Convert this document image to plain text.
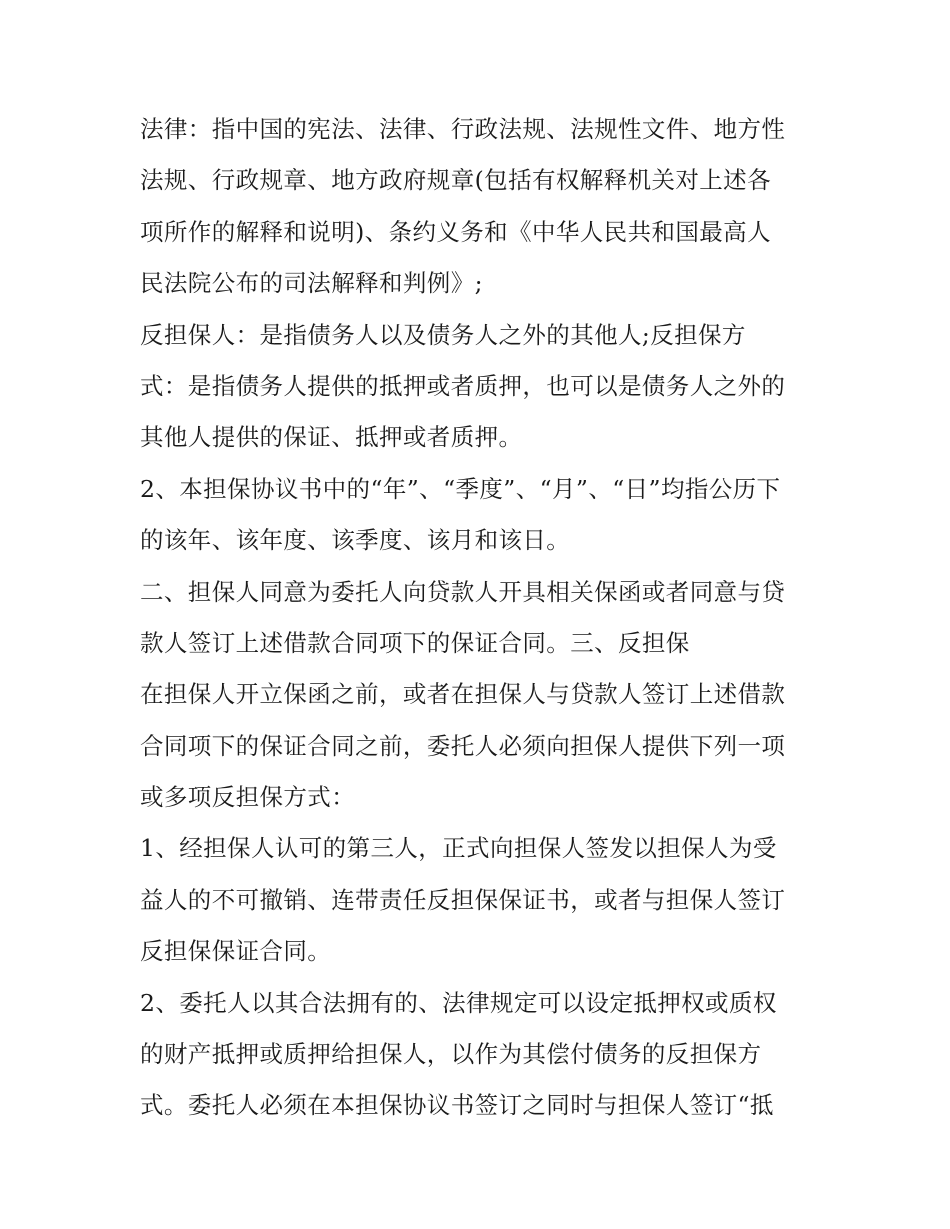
法律：指中国的宪法、法律、行政法规、法规性文件、地方性
法规、行政规章、地方政府规章(包括有权解释机关对上述各
项所作的解释和说明)、条约义务和《中华人民共和国最高人
民法院公布的司法解释和判例》;
反担保人：是指债务人以及债务人之外的其他人;反担保方
式：是指债务人提供的抵押或者质押，也可以是债务人之外的
其他人提供的保证、抵押或者质押。
2、本担保协议书中的“年”、“季度”、“月”、“日”均指公历下
的该年、该年度、该季度、该月和该日。
二、担保人同意为委托人向贷款人开具相关保函或者同意与贷
款人签订上述借款合同项下的保证合同。三、反担保
在担保人开立保函之前，或者在担保人与贷款人签订上述借款
合同项下的保证合同之前，委托人必须向担保人提供下列一项
或多项反担保方式：
1、经担保人认可的第三人，正式向担保人签发以担保人为受
益人的不可撤销、连带责任反担保保证书，或者与担保人签订
反担保保证合同。
2、委托人以其合法拥有的、法律规定可以设定抵押权或质权
的财产抵押或质押给担保人，以作为其偿付债务的反担保方
式。委托人必须在本担保协议书签订之同时与担保人签订“抵
